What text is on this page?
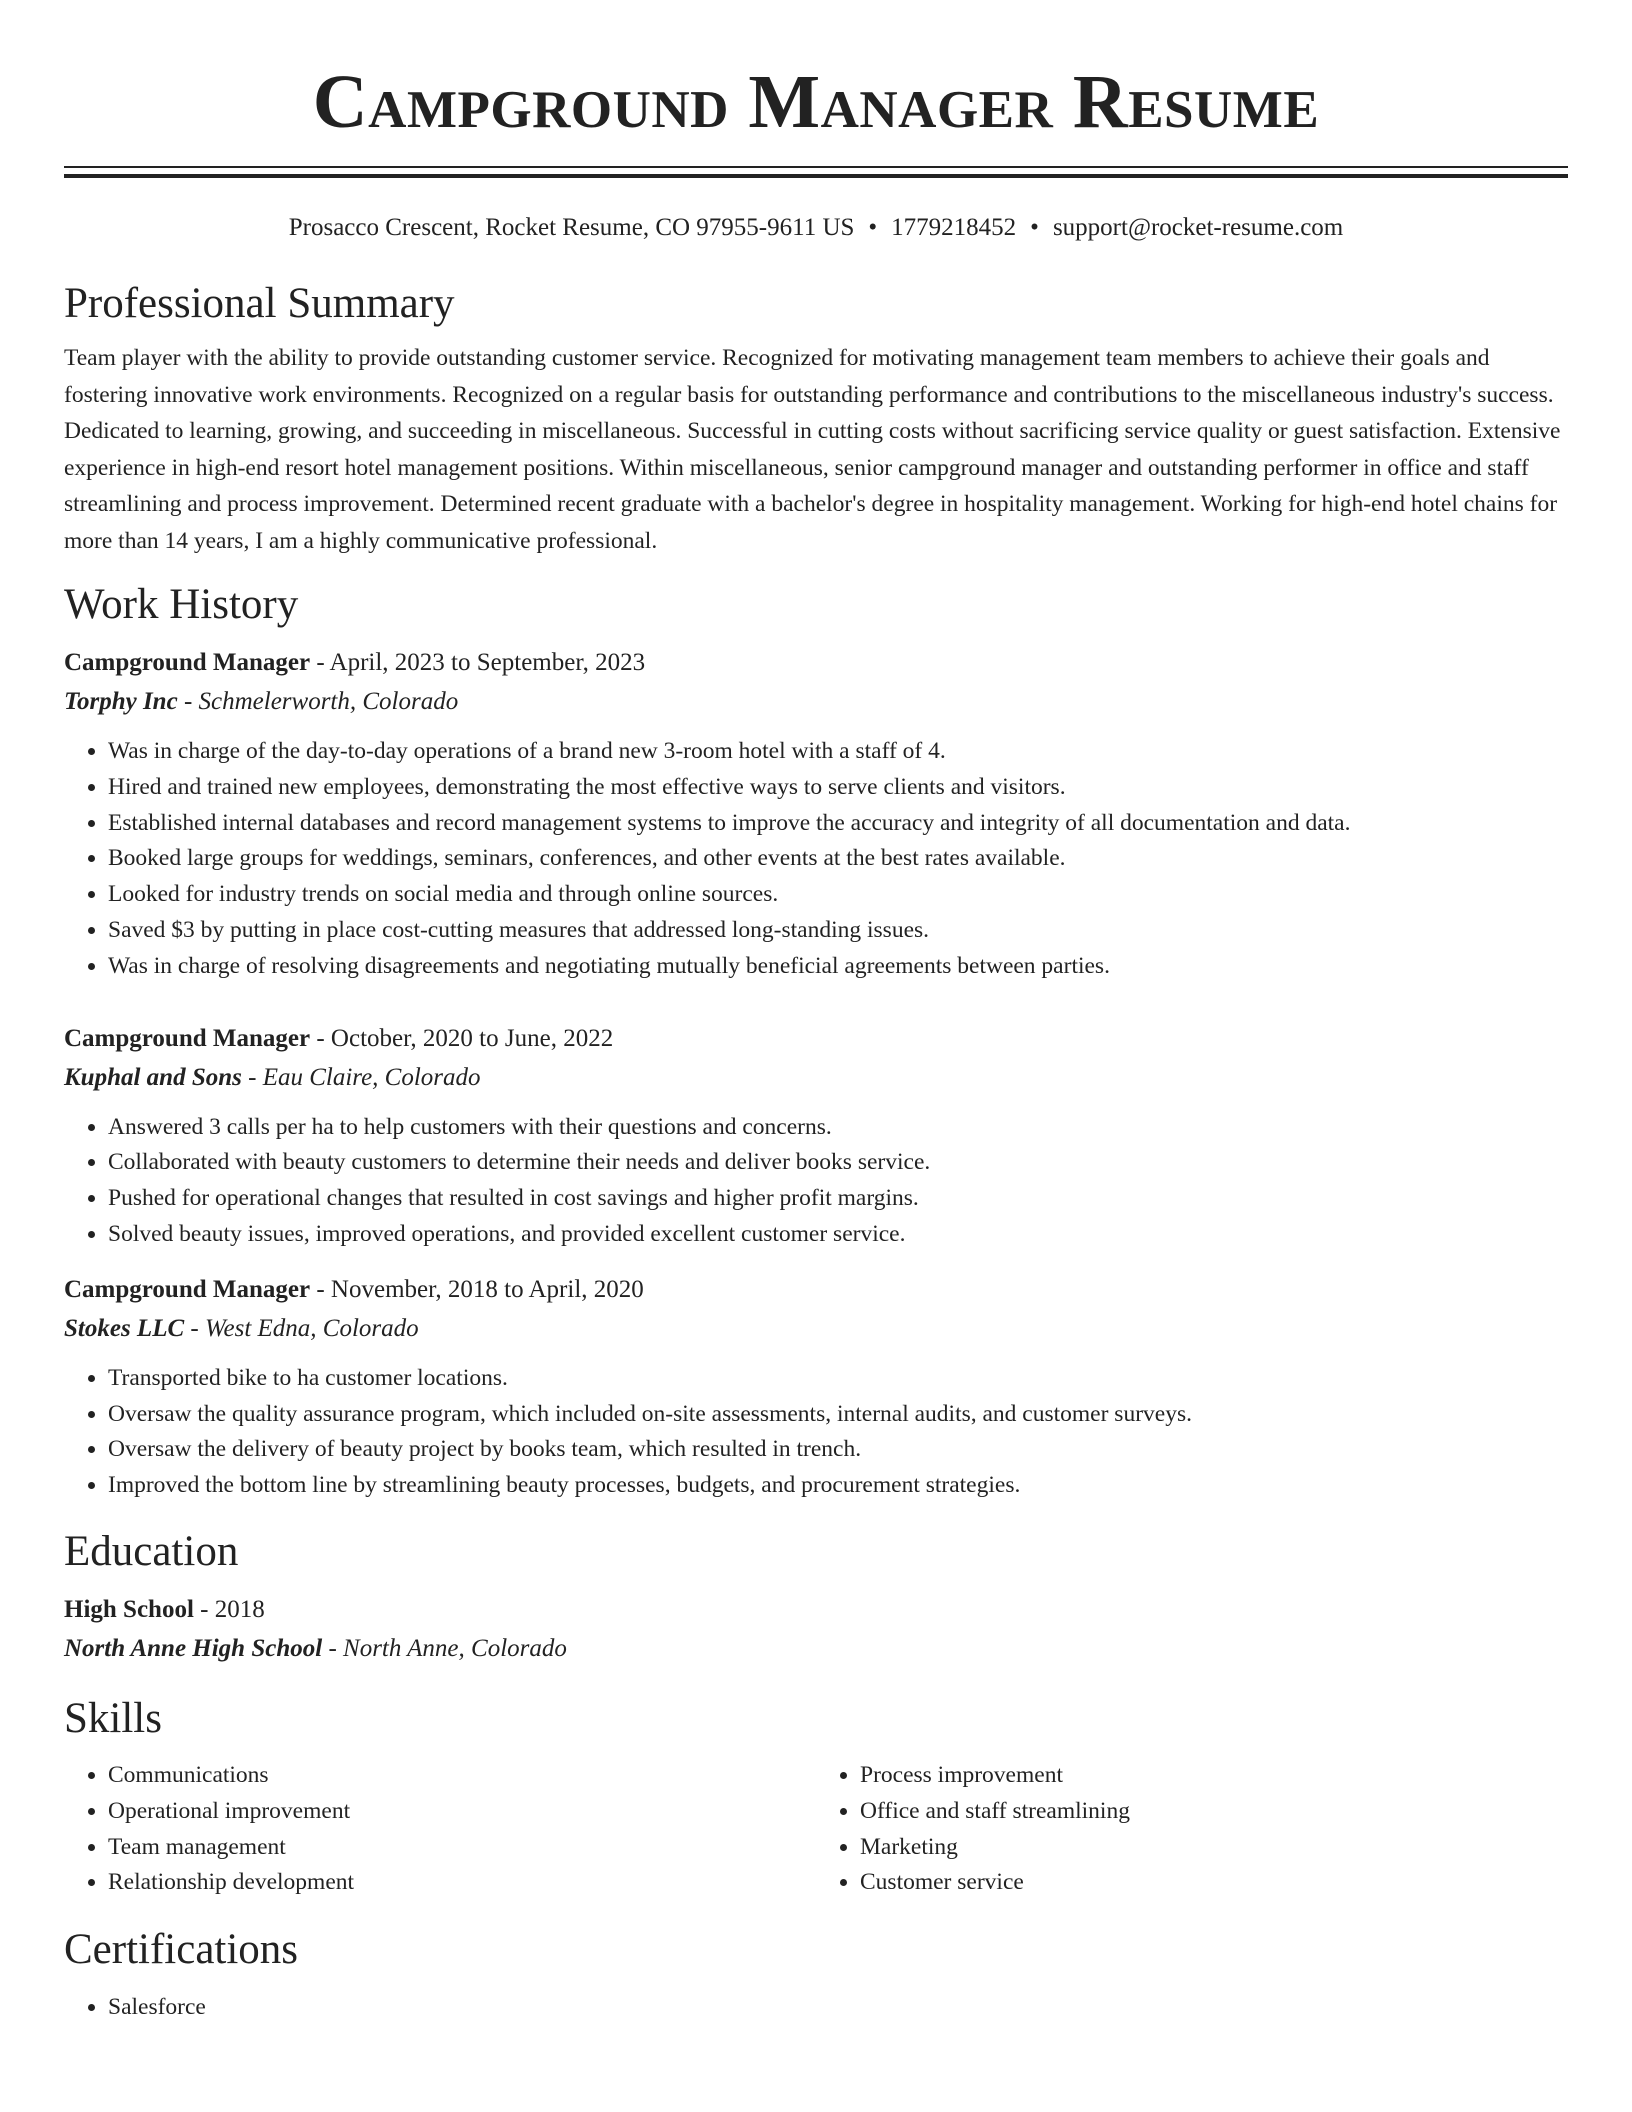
Campground Manager Resume
Prosacco Crescent, Rocket Resume, CO 97955-9611 US • 1779218452 • support@rocket-resume.com
Professional Summary

Team player with the ability to provide outstanding customer service. Recognized for motivating management team members to achieve their goals and fostering innovative work environments. Recognized on a regular basis for outstanding performance and contributions to the miscellaneous industry's success. Dedicated to learning, growing, and succeeding in miscellaneous. Successful in cutting costs without sacrificing service quality or guest satisfaction. Extensive experience in high-end resort hotel management positions. Within miscellaneous, senior campground manager and outstanding performer in office and staff streamlining and process improvement. Determined recent graduate with a bachelor's degree in hospitality management. Working for high-end hotel chains for more than 14 years, I am a highly communicative professional.

Work History
Campground Manager - April, 2023 to September, 2023
Torphy Inc - Schmelerworth, Colorado
• Was in charge of the day-to-day operations of a brand new 3-room hotel with a staff of 4.
• Hired and trained new employees, demonstrating the most effective ways to serve clients and visitors.
• Established internal databases and record management systems to improve the accuracy and integrity of all documentation and data.
• Booked large groups for weddings, seminars, conferences, and other events at the best rates available.
• Looked for industry trends on social media and through online sources.
• Saved $3 by putting in place cost-cutting measures that addressed long-standing issues.
• Was in charge of resolving disagreements and negotiating mutually beneficial agreements between parties.
Campground Manager - October, 2020 to June, 2022
Kuphal and Sons - Eau Claire, Colorado
• Answered 3 calls per ha to help customers with their questions and concerns.
• Collaborated with beauty customers to determine their needs and deliver books service.
• Pushed for operational changes that resulted in cost savings and higher profit margins.
• Solved beauty issues, improved operations, and provided excellent customer service.
Campground Manager - November, 2018 to April, 2020
Stokes LLC - West Edna, Colorado
• Transported bike to ha customer locations.
• Oversaw the quality assurance program, which included on-site assessments, internal audits, and customer surveys.
• Oversaw the delivery of beauty project by books team, which resulted in trench.
• Improved the bottom line by streamlining beauty processes, budgets, and procurement strategies.
Education
High School - 2018
North Anne High School - North Anne, Colorado
Skills
• Communications
• Operational improvement
• Team management
• Relationship development
• Process improvement
• Office and staff streamlining
• Marketing
• Customer service
Certifications
• Salesforce
